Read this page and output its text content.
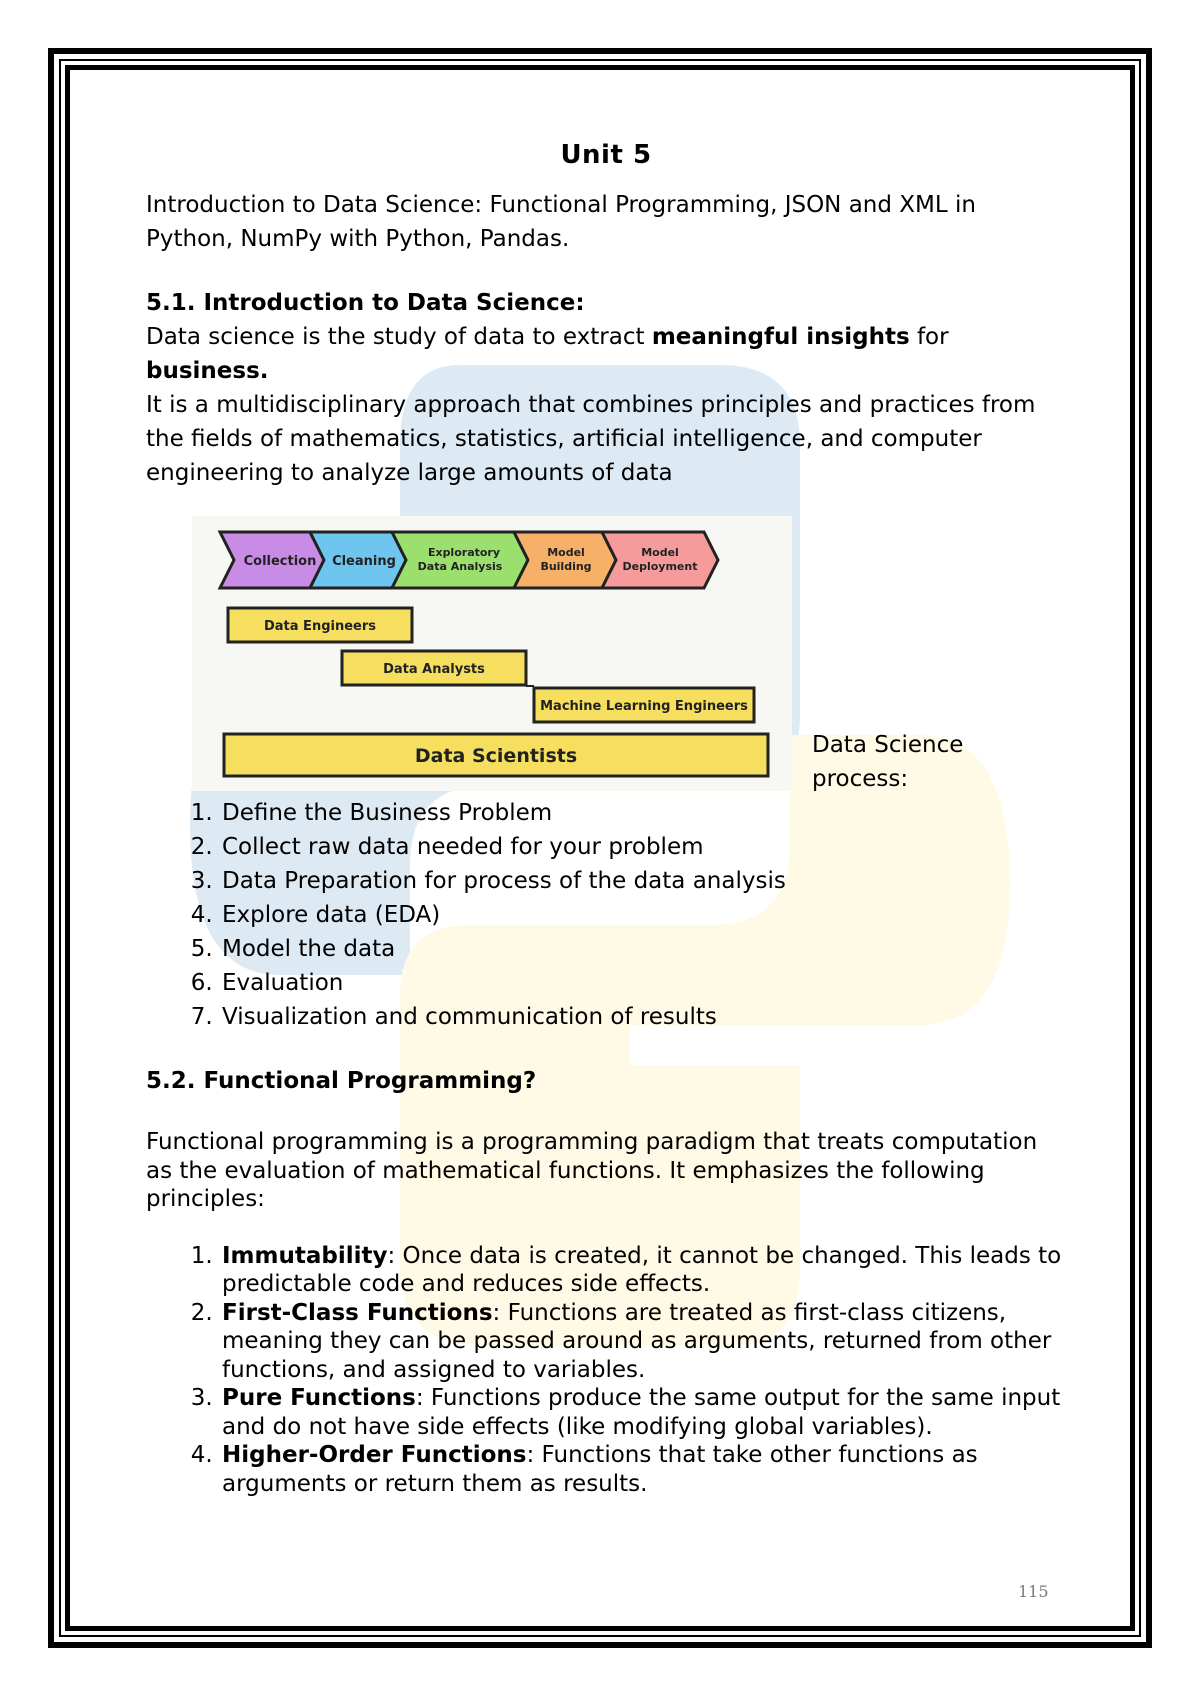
Unit 5

Introduction to Data Science: Functional Programming, JSON and XML in Python, NumPy with Python, Pandas.

5.1. Introduction to Data Science:

Data science is the study of data to extract meaningful insights for business.

It is a multidisciplinary approach that combines principles and practices from the fields of mathematics, statistics, artificial intelligence, and computer engineering to analyze large amounts of data

Collection Cleaning
Exploratory
Data Analysis
Model
Building
Model
Deployment
Data Engineers
Data Analysts
Machine Learning Engineers
Data Scientists	Data Science process:
1. Define the Business Problem
2. Collect raw data needed for your problem
3. Data Preparation for process of the data analysis
4. Explore data (EDA)
5. Model the data
6. Evaluation
7. Visualization and communication of results
5.2. Functional Programming?

Functional programming is a programming paradigm that treats computation as the evaluation of mathematical functions. It emphasizes the following principles:

1. Immutability: Once data is created, it cannot be changed. This leads to predictable code and reduces side effects.
2. First-Class Functions: Functions are treated as first-class citizens, meaning they can be passed around as arguments, returned from other functions, and assigned to variables.
3. Pure Functions: Functions produce the same output for the same input and do not have side effects (like modifying global variables).
4. Higher-Order Functions: Functions that take other functions as arguments or return them as results.
115
